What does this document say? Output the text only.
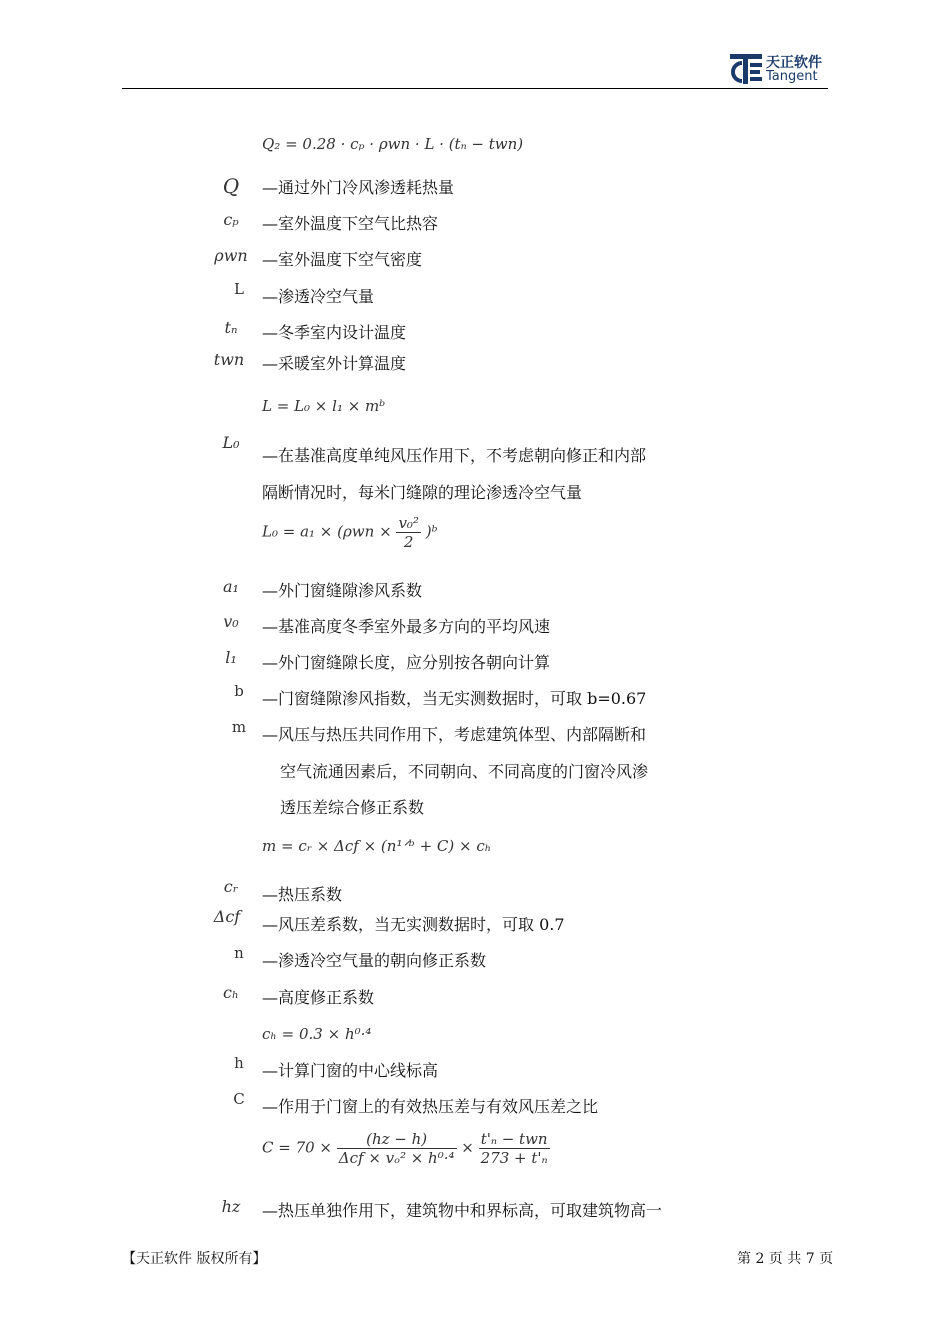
天正软件
Tangent
Q₂ = 0.28 · cₚ · ρwn · L · (tₙ − twn)
Q	—通过外门冷风渗透耗热量
cₚ	—室外温度下空气比热容
ρwn —室外温度下空气密度
L	—渗透冷空气量
tₙ	—冬季室内设计温度
twn	—采暖室外计算温度
L = L₀ × l₁ × mᵇ
L₀
—在基准高度单纯风压作用下，不考虑朝向修正和内部
隔断情况时，每米门缝隙的理论渗透冷空气量
$L_0 = a_1 \times (\rho wn \times \frac{\text{v₀²}}{2}$ )ᵇ
a₁	—外门窗缝隙渗风系数
v₀	—基准高度冬季室外最多方向的平均风速
l₁	—外门窗缝隙长度，应分别按各朝向计算
b	—门窗缝隙渗风指数，当无实测数据时，可取 b=0.67
m —风压与热压共同作用下，考虑建筑体型、内部隔断和
空气流通因素后，不同朝向、不同高度的门窗冷风渗
透压差综合修正系数
m = cᵣ × Δcf × (n¹ᐟᵇ + C) × cₕ
cᵣ	—热压系数
Δcf	—风压差系数，当无实测数据时，可取 0.7
n	—渗透冷空气量的朝向修正系数
cₕ	—高度修正系数
cₕ = 0.3 × h⁰·⁴
h	—计算门窗的中心线标高
C	—作用于门窗上的有效热压差与有效风压差之比
$C = 70 \times \frac{(hz - h)}{\text{Δcf × vₒ² × h⁰·⁴}} \times \frac{\text{t'ₙ − twn}}{\text{273 + t'ₙ}}$
hz	—热压单独作用下，建筑物中和界标高，可取建筑物高一
【天正软件 版权所有】	第 2 页 共 7 页
